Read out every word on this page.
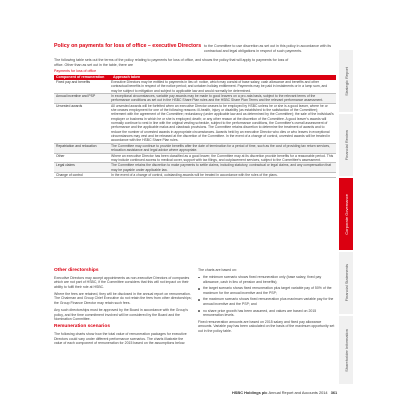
Policy on payments for loss of office – executive Directors to the Committee to use discretion as set out in this policy in accordance with its contractual and legal obligations in respect of such payments.
The following table sets out the terms of the policy relating to payments for loss of office, and shows the policy that will apply to payments for loss of office. Other than as set out in the table, there are
Payments for loss of office
Component of remuneration	Approach taken
Fixed pay and benefits	Executive Directors may be entitled to payments in lieu of: notice, which may consist of base salary, cash allowance and benefits and other contractual benefits in respect of the notice period; and untaken holiday entitlement. Payments may be paid in instalments or in a lump sum, and may be subject to mitigation and subject to applicable law and would normally be determined.
Annual incentive and PSP	In exceptional circumstances, variable pay awards may be made to good leavers on a pro-rata basis, subject to the relevant terms of the performance conditions as set out in the HSBC Share Plan rules and the HSBC Share Plan Terms and the relevant performance assessment.
Unvested awards	All unvested awards will be forfeited when an executive Director ceases to be employed by HSBC unless he or she is a good leaver, where he or she ceases employment for one of the following reasons: ill-health, injury or disability (as established to the satisfaction of the Committee); retirement with the agreement of the Committee; redundancy (under applicable law and as determined by the Committee); the sale of the individual’s employer or business in which he or she is employed; death; or any other reason at the discretion of the Committee. A good leaver’s awards will normally continue to vest in line with the original vesting schedule, subject to the performance conditions, the Committee’s overall assessment of performance and the applicable malus and clawback provisions. The Committee retains discretion to determine the treatment of awards and to reduce the number of unvested awards in appropriate circumstances. Awards held by an executive Director who dies or who leaves in exceptional circumstances may vest and be released at the discretion of the Committee. In the event of a change of control, unvested awards will be treated in accordance with the HSBC Share Plan rules.
Repatriation and relocation	The Committee may continue to provide benefits after the date of termination for a period of time, such as the cost of providing tax return services, relocation assistance and legal advice where appropriate.
Other	Where an executive Director has been classified as a good leaver, the Committee may at its discretion provide benefits for a reasonable period. This may include continued access to medical cover, support with tax filings, and outplacement services, subject to the Committee’s assessment.
Legal claims	The Committee retains the discretion to make payments to settle claims, including statutory, contractual or legal claims, and any compensation that may be payable under applicable law.
Change of control	In the event of a change of control, outstanding awards will be treated in accordance with the rules of the plans.
Other directorships

Executive Directors may accept appointments as non-executive Directors of companies which are not part of HSBC, if the Committee considers that this will not impact on their ability to fulfil their role at HSBC.

Where the fees are retained, they will be disclosed in the annual report on remuneration. The Chairman and Group Chief Executive do not retain the fees from other directorships; the Group Finance Director may retain such fees.

Any such directorships must be approved by the Board in accordance with the Group’s policy, and the time commitment involved will be considered by the Board and the Nomination Committee.

Remuneration scenarios

The following charts show how the total value of remuneration packages for executive Directors could vary under different performance scenarios. The charts illustrate the value of each component of remuneration for 2015 based on the assumptions below.

The charts are based on:

the minimum scenario shows fixed remuneration only (base salary, fixed pay allowance, cash in lieu of pension and benefits);
the target scenario shows fixed remuneration plus target variable pay of 50% of the maximum for the annual incentive and the PSP;
the maximum scenario shows fixed remuneration plus maximum variable pay for the annual incentive and the PSP; and
no share price growth has been assumed, and values are based on 2015 remuneration levels.

Fixed remuneration amounts are based on 2015 salary and fixed pay allowance amounts. Variable pay has been calculated on the basis of the maximum opportunity set out in the policy table.

HSBC Holdings plc Annual Report and Accounts 2014 361
Strategic Report
Financial Review
Corporate Governance
Financial Statements
Shareholder Information
